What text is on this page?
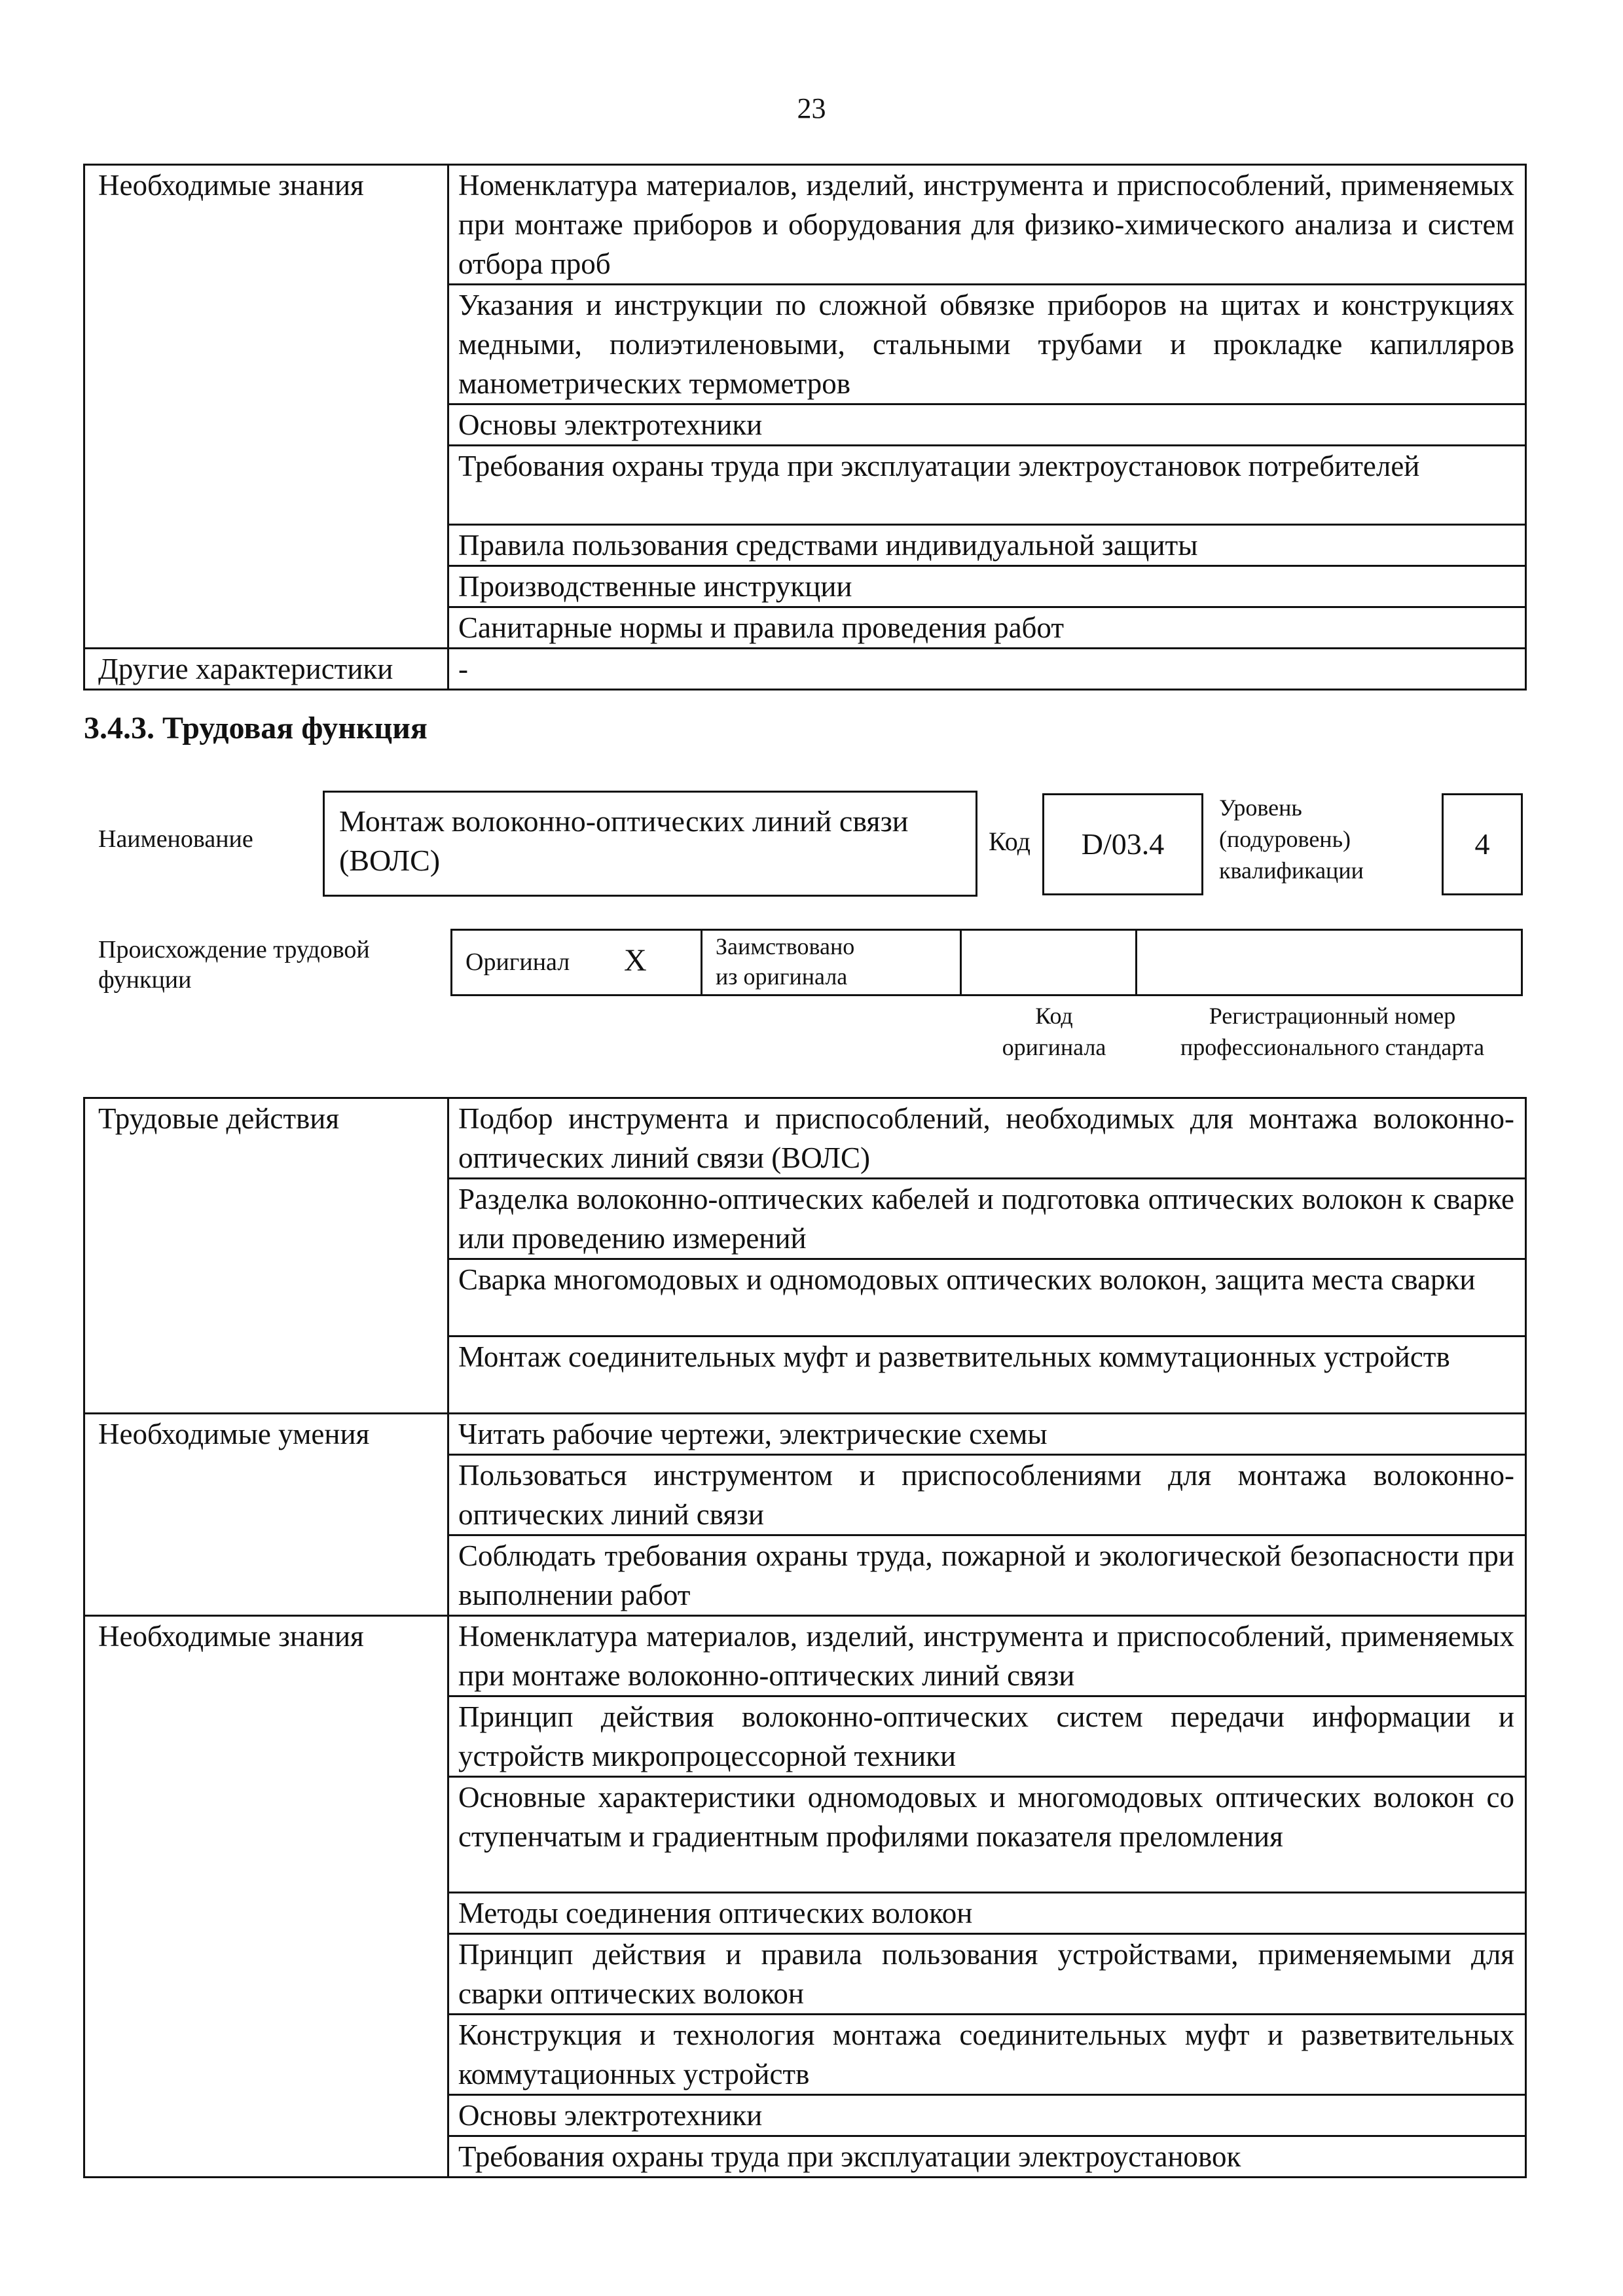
23
Необходимые знания	Номенклатура материалов, изделий, инструмента и приспособлений, применяемых при монтаже приборов и оборудования для физико-химического анализа и систем отбора проб
	Указания и инструкции по сложной обвязке приборов на щитах и конструкциях медными, полиэтиленовыми, стальными трубами и прокладке капилляров манометрических термометров
	Основы электротехники
	Требования охраны труда при эксплуатации электроустановок потребителей
	Правила пользования средствами индивидуальной защиты
	Производственные инструкции
	Санитарные нормы и правила проведения работ
Другие характеристики	-
3.4.3. Трудовая функция
Наименование
Монтаж волоконно-оптических линий связи (ВОЛС)
Код	D/03.4
Уровень
(подуровень)
квалификации
4
Происхождение трудовой
функции
Оригинал X	Заимствовано
из оригинала
Код
оригинала
Регистрационный номер
профессионального стандарта
Трудовые действия	Подбор инструмента и приспособлений, необходимых для монтажа волоконно-оптических линий связи (ВОЛС)
	Разделка волоконно-оптических кабелей и подготовка оптических волокон к сварке или проведению измерений
	Сварка многомодовых и одномодовых оптических волокон, защита места сварки
	Монтаж соединительных муфт и разветвительных коммутационных устройств
Необходимые умения	Читать рабочие чертежи, электрические схемы
	Пользоваться инструментом и приспособлениями для монтажа волоконно-оптических линий связи
	Соблюдать требования охраны труда, пожарной и экологической безопасности при выполнении работ
Необходимые знания	Номенклатура материалов, изделий, инструмента и приспособлений, применяемых при монтаже волоконно-оптических линий связи
	Принцип действия волоконно-оптических систем передачи информации и устройств микропроцессорной техники
	Основные характеристики одномодовых и многомодовых оптических волокон со ступенчатым и градиентным профилями показателя преломления
	Методы соединения оптических волокон
	Принцип действия и правила пользования устройствами, применяемыми для сварки оптических волокон
	Конструкция и технология монтажа соединительных муфт и разветвительных коммутационных устройств
	Основы электротехники
	Требования охраны труда при эксплуатации электроустановок
